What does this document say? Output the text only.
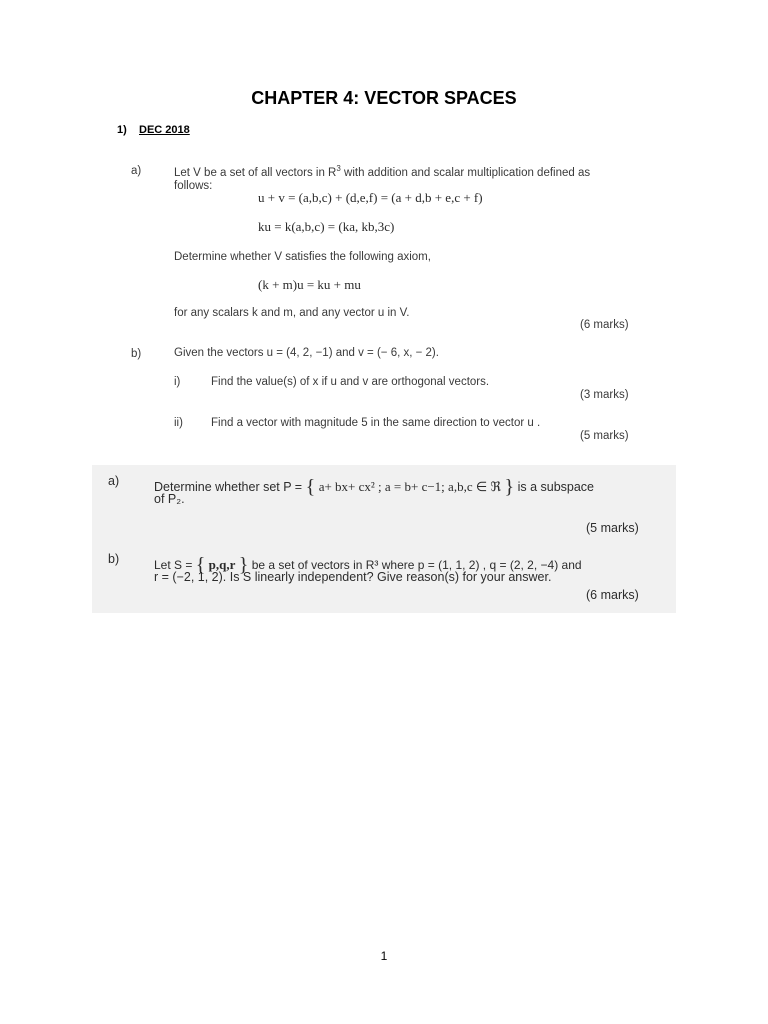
CHAPTER 4: VECTOR SPACES
1) DEC 2018
a)	Let V be a set of all vectors in $R^3$ with addition and scalar multiplication defined as
follows:
u + v = (a,b,c) + (d,e,f) = (a + d,b + e,c + f)
ku = k(a,b,c) = (ka, kb,3c)
Determine whether V satisfies the following axiom,
(k + m)u = ku + mu
for any scalars k and m, and any vector u in V.
(6 marks)
b)	Given the vectors u = (4, 2, −1) and v = (− 6, x, − 2).
i)	Find the value(s) of x if u and v are orthogonal vectors.
(3 marks)
ii) Find a vector with magnitude 5 in the same direction to vector u .
(5 marks)
a)	Determine whether set P = { a+ bx+ cx² ; a = b+ c−1; a,b,c ∈ ℜ } is a subspace
of P₂.
(5 marks)
b)	Let S = { p,q,r } be a set of vectors in R³ where p = (1, 1, 2) , q = (2, 2, −4) and
r = (−2, 1, 2). Is S linearly independent? Give reason(s) for your answer.
(6 marks)
1
